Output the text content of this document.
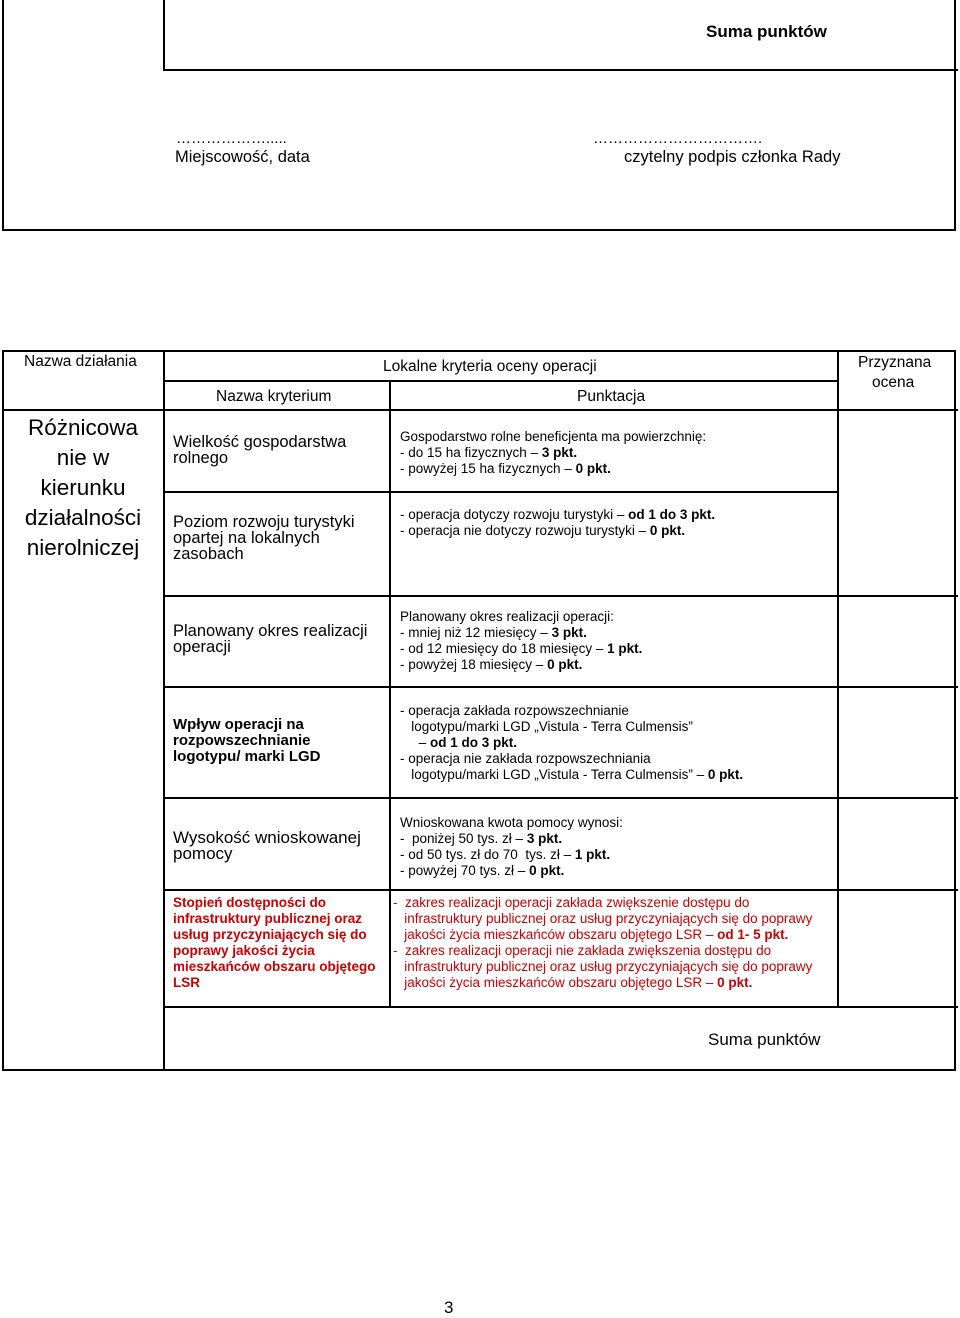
Suma punktów
……………….....
Miejscowość, data
…………………………….
czytelny podpis członka Rady
Nazwa działania	Lokalne kryteria oceny operacji
Nazwa kryterium	Punktacja
Przyznana
ocena
Różnicowa
nie w
kierunku
działalności
nierolniczej
Wielkość gospodarstwa
rolnego
Gospodarstwo rolne beneficjenta ma powierzchnię:
- do 15 ha fizycznych – 3 pkt.
- powyżej 15 ha fizycznych – 0 pkt.
Poziom rozwoju turystyki
opartej na lokalnych
zasobach
- operacja dotyczy rozwoju turystyki – od 1 do 3 pkt.
- operacja nie dotyczy rozwoju turystyki – 0 pkt.
Planowany okres realizacji
operacji
Planowany okres realizacji operacji:
- mniej niż 12 miesięcy – 3 pkt.
- od 12 miesięcy do 18 miesięcy – 1 pkt.
- powyżej 18 miesięcy – 0 pkt.
Wpływ operacji na
rozpowszechnianie
logotypu/ marki LGD
- operacja zakłada rozpowszechnianie
logotypu/marki LGD „Vistula - Terra Culmensis”
– od 1 do 3 pkt.
- operacja nie zakłada rozpowszechniania
logotypu/marki LGD „Vistula - Terra Culmensis” – 0 pkt.
Wysokość wnioskowanej
pomocy
Wnioskowana kwota pomocy wynosi:
-  poniżej 50 tys. zł – 3 pkt.
- od 50 tys. zł do 70  tys. zł – 1 pkt.
- powyżej 70 tys. zł – 0 pkt.
Stopień dostępności do
infrastruktury publicznej oraz
usług przyczyniających się do
poprawy jakości życia
mieszkańców obszaru objętego
LSR
-  zakres realizacji operacji zakłada zwiększenie dostępu do
infrastruktury publicznej oraz usług przyczyniających się do poprawy
jakości życia mieszkańców obszaru objętego LSR – od 1- 5 pkt.
-  zakres realizacji operacji nie zakłada zwiększenia dostępu do
infrastruktury publicznej oraz usług przyczyniających się do poprawy
jakości życia mieszkańców obszaru objętego LSR – 0 pkt.
Suma punktów
3
